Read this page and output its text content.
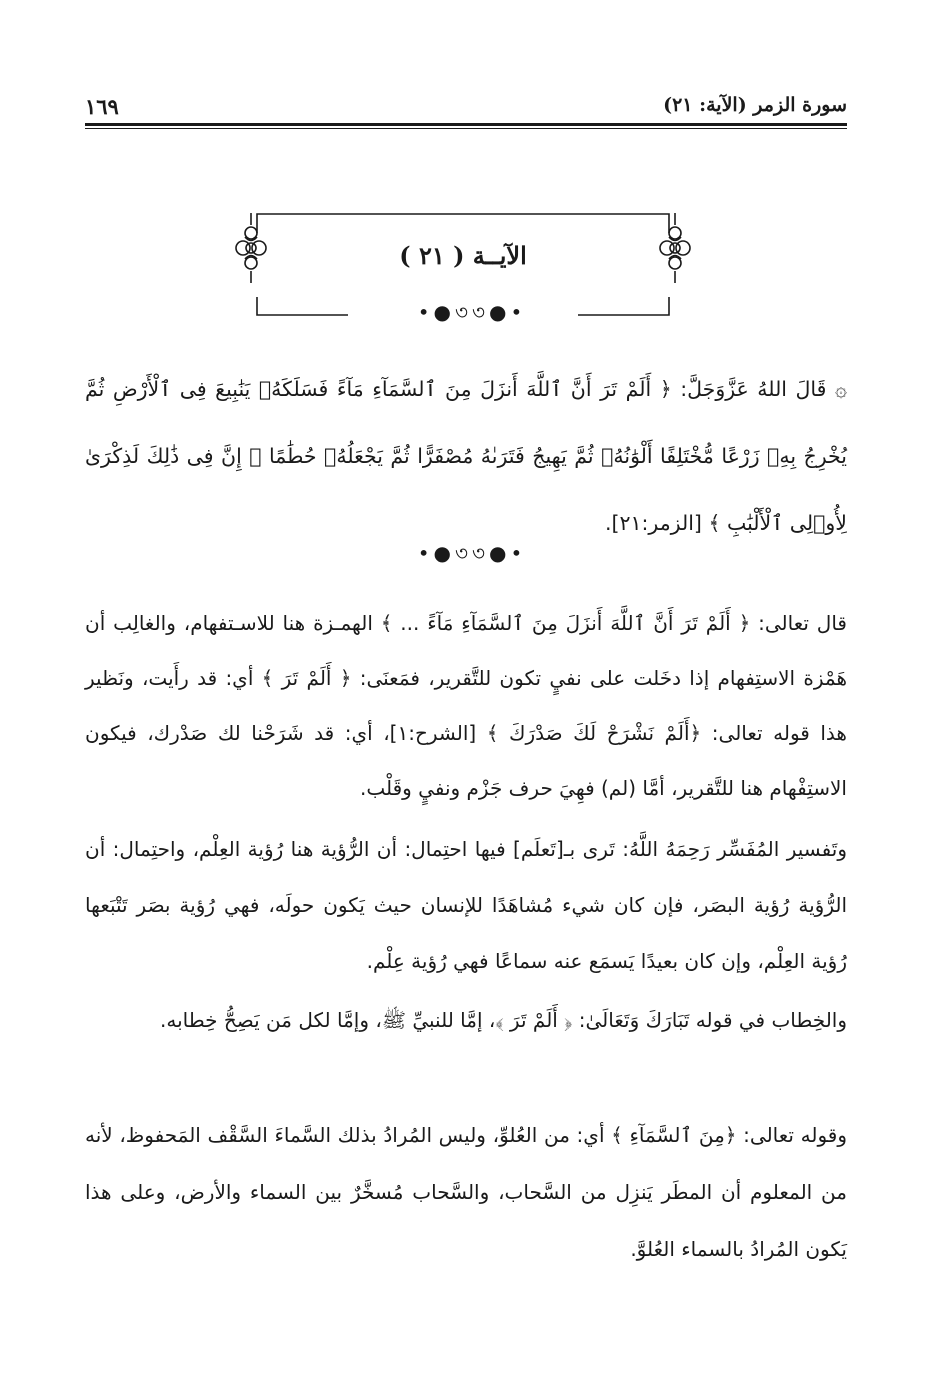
سورة الزمر (الآية: ٢١)
١٦٩
الآيــة ( ٢١ )
•●৩৩●•

۞ قَالَ اللهُ عَزَّوَجَلَّ: ﴿ أَلَمْ تَرَ أَنَّ ٱللَّهَ أَنزَلَ مِنَ ٱلسَّمَآءِ مَآءً فَسَلَكَهُۥ يَنَٰبِيعَ فِى ٱلْأَرْضِ ثُمَّ يُخْرِجُ بِهِۦ زَرْعًا مُّخْتَلِفًا أَلْوَٰنُهُۥ ثُمَّ يَهِيجُ فَتَرَىٰهُ مُصْفَرًّا ثُمَّ يَجْعَلُهُۥ حُطَٰمًا ۚ إِنَّ فِى ذَٰلِكَ لَذِكْرَىٰ لِأُو۟لِى ٱلْأَلْبَٰبِ ﴾ [الزمر:٢١].

•●৩৩●•

قال تعالى: ﴿ أَلَمْ تَرَ أَنَّ ٱللَّهَ أَنزَلَ مِنَ ٱلسَّمَآءِ مَآءً ... ﴾ الهمـزة هنا للاسـتفهام، والغالِب أن هَمْزة الاستِفهام إذا دخَلت على نفيٍ تكون للتَّقرير، فمَعنَى: ﴿ أَلَمْ تَرَ ﴾ أي: قد رأَيت، ونَظير هذا قوله تعالى: ﴿أَلَمْ نَشْرَحْ لَكَ صَدْرَكَ ﴾ [الشرح:١]، أي: قد شَرَحْنا لك صَدْرك، فيكون الاستِفْهام هنا للتَّقرير، أمَّا (لم) فهِيَ حرف جَزْم ونفيٍ وقَلْب.

وتَفسير المُفَسِّر رَحِمَهُ اللَّهُ: تَرى بـ[تَعلَم] فيها احتِمال: أن الرُّؤية هنا رُؤية العِلْم، واحتِمال: أن الرُّؤية رُؤية البصَر، فإن كان شيء مُشاهَدًا للإنسان حيث يَكون حولَه، فهي رُؤية بصَر تَتْبَعها رُؤية العِلْم، وإن كان بعيدًا يَسمَع عنه سماعًا فهي رُؤية عِلْم.

والخِطاب في قوله تَبَارَكَ وَتَعَالَىٰ: ﴿ أَلَمْ تَرَ ﴾، إمَّا للنبيِّ ﷺ، وإمَّا لكل مَن يَصِحُّ خِطابه.

وقوله تعالى: ﴿مِنَ ٱلسَّمَآءِ ﴾ أي: من العُلوِّ، وليس المُرادُ بذلك السَّماءَ السَّقْف المَحفوظ، لأنه من المعلوم أن المطَر يَنزِل من السَّحاب، والسَّحاب مُسخَّرٌ بين السماء والأرض، وعلى هذا يَكون المُرادُ بالسماء العُلوَّ.
